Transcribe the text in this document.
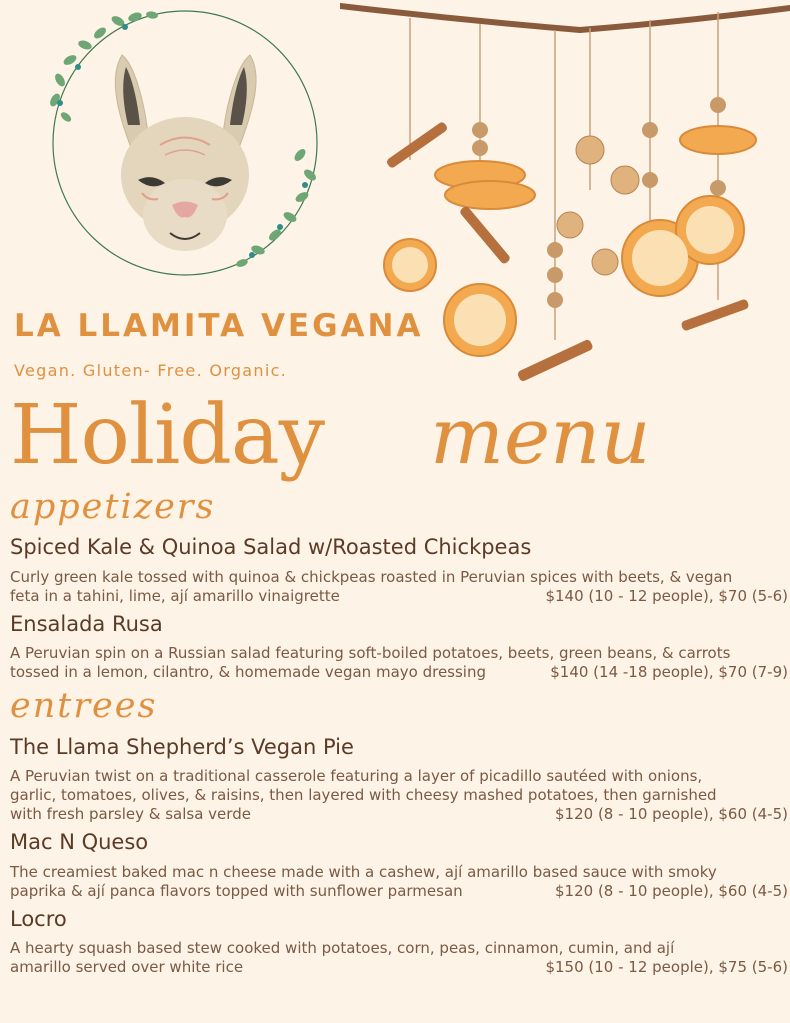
LA LLAMITA VEGANA
Vegan. Gluten- Free. Organic.
Holiday menu
appetizers
Spiced Kale & Quinoa Salad w/Roasted Chickpeas
Curly green kale tossed with quinoa & chickpeas roasted in Peruvian spices with beets, & vegan
feta in a tahini, lime, ají amarillo vinaigrette	$140 (10 - 12 people), $70 (5-6)
Ensalada Rusa
A Peruvian spin on a Russian salad featuring soft-boiled potatoes, beets, green beans, & carrots
tossed in a lemon, cilantro, & homemade vegan mayo dressing	$140 (14 -18 people), $70 (7-9)
entrees
The Llama Shepherd’s Vegan Pie
A Peruvian twist on a traditional casserole featuring a layer of picadillo sautéed with onions,
garlic, tomatoes, olives, & raisins, then layered with cheesy mashed potatoes, then garnished
with fresh parsley & salsa verde	$120 (8 - 10 people), $60 (4-5)
Mac N Queso
The creamiest baked mac n cheese made with a cashew, ají amarillo based sauce with smoky
paprika & ají panca flavors topped with sunflower parmesan	$120 (8 - 10 people), $60 (4-5)
Locro
A hearty squash based stew cooked with potatoes, corn, peas, cinnamon, cumin, and ají
amarillo served over white rice	$150 (10 - 12 people), $75 (5-6)
